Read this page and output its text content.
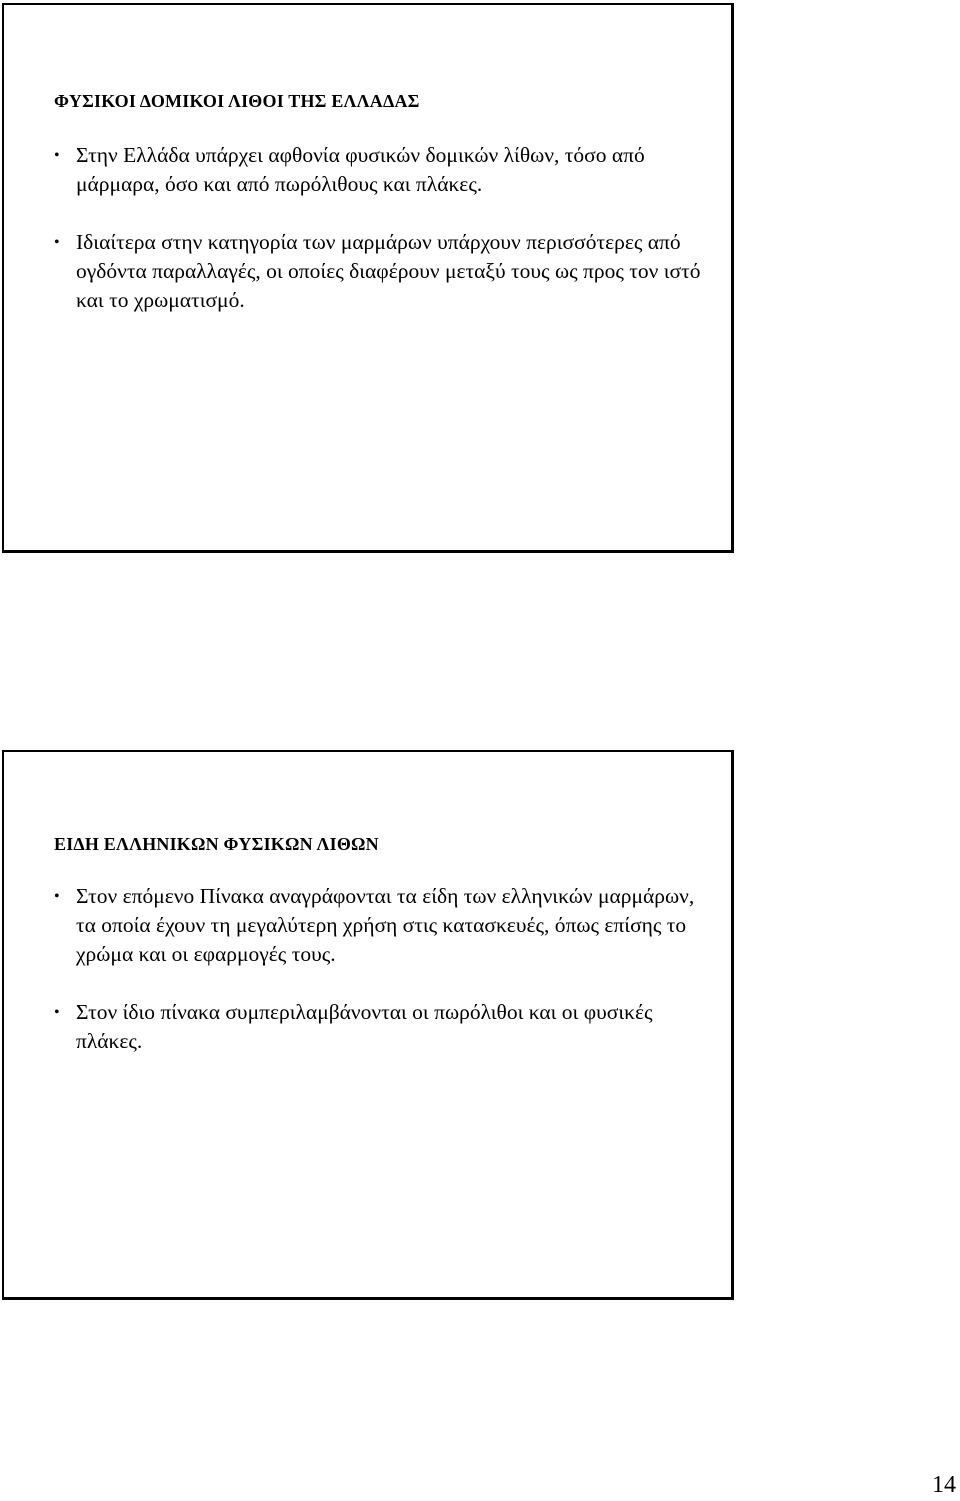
ΦΥΣΙΚΟΙ ΔΟΜΙΚΟΙ ΛΙΘΟΙ ΤΗΣ ΕΛΛΑΔΑΣ
• Στην Ελλάδα υπάρχει αφθονία φυσικών δομικών λίθων, τόσο από μάρμαρα, όσο και από πωρόλιθους και πλάκες.
• Ιδιαίτερα στην κατηγορία των μαρμάρων υπάρχουν περισσότερες από ογδόντα παραλλαγές, οι οποίες διαφέρουν μεταξύ τους ως προς τον ιστό και το χρωματισμό.
ΕΙΔΗ ΕΛΛΗΝΙΚΩΝ ΦΥΣΙΚΩΝ ΛΙΘΩΝ
• Στον επόμενο Πίνακα αναγράφονται τα είδη των ελληνικών μαρμάρων, τα οποία έχουν τη μεγαλύτερη χρήση στις κατασκευές, όπως επίσης το χρώμα και οι εφαρμογές τους.
• Στον ίδιο πίνακα συμπεριλαμβάνονται οι πωρόλιθοι και οι φυσικές πλάκες.

14
